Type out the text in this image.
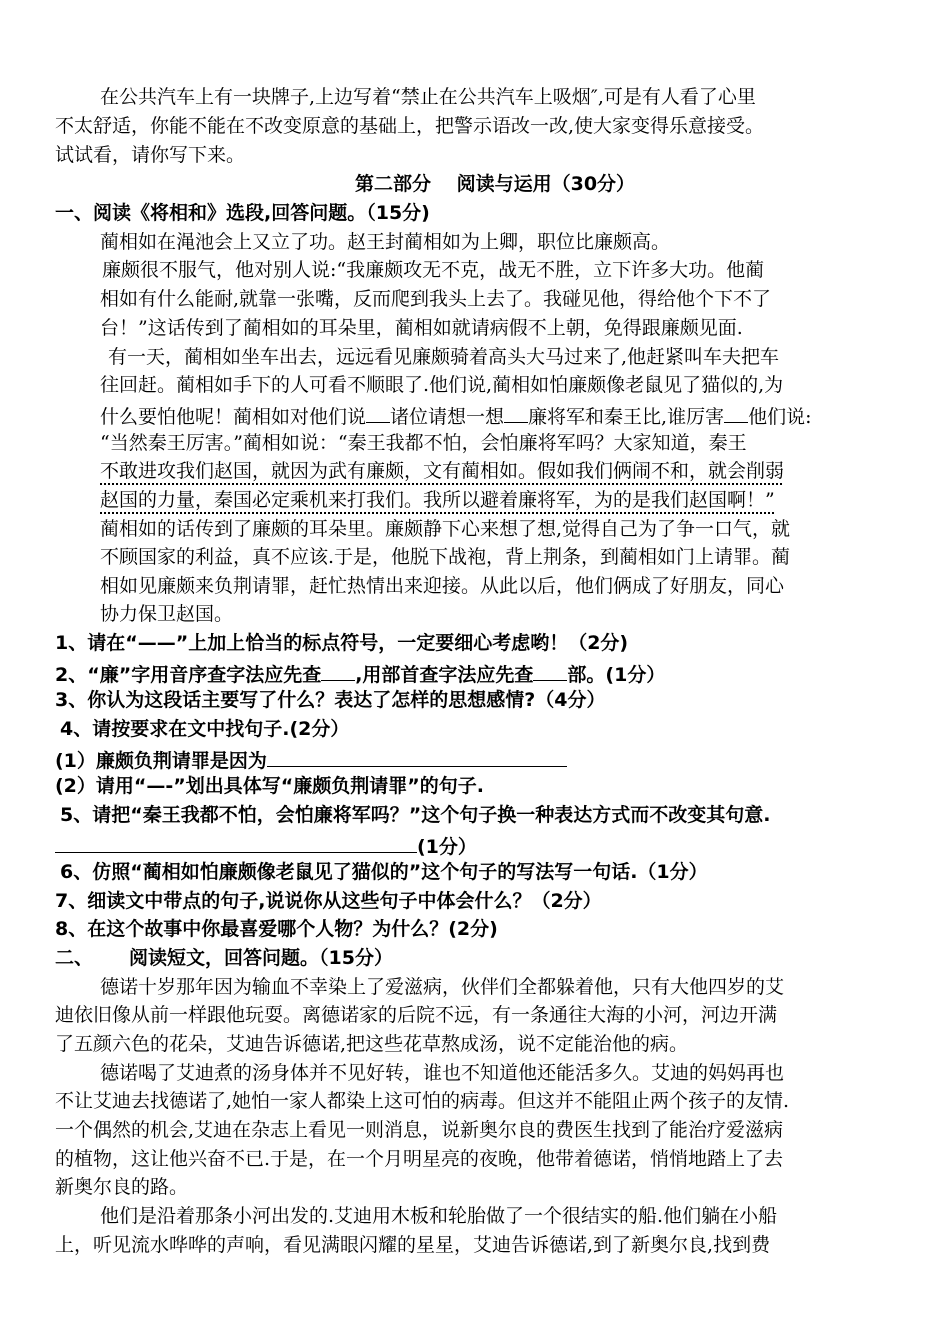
在公共汽车上有一块牌子,上边写着“禁止在公共汽车上吸烟″,可是有人看了心里
不太舒适，你能不能在不改变原意的基础上，把警示语改一改,使大家变得乐意接受。
试试看，请你写下来。
第二部分　 阅读与运用（30分）
一、阅读《将相和》选段,回答问题。（15分)
蔺相如在渑池会上又立了功。赵王封蔺相如为上卿，职位比廉颇高。
廉颇很不服气，他对别人说:“我廉颇攻无不克，战无不胜，立下许多大功。他蔺
相如有什么能耐,就靠一张嘴，反而爬到我头上去了。我碰见他，得给他个下不了
台！”这话传到了蔺相如的耳朵里，蔺相如就请病假不上朝，免得跟廉颇见面.
有一天，蔺相如坐车出去，远远看见廉颇骑着高头大马过来了,他赶紧叫车夫把车
往回赶。蔺相如手下的人可看不顺眼了.他们说,蔺相如怕廉颇像老鼠见了猫似的,为
什么要怕他呢！蔺相如对他们说 诸位请想一想 廉将军和秦王比,谁厉害 他们说:
“当然秦王厉害。”蔺相如说：“秦王我都不怕，会怕廉将军吗？大家知道，秦王
不敢进攻我们赵国，就因为武有廉颇，文有蔺相如。假如我们俩闹不和，就会削弱
赵国的力量，秦国必定乘机来打我们。我所以避着廉将军，为的是我们赵国啊！”
蔺相如的话传到了廉颇的耳朵里。廉颇静下心来想了想,觉得自己为了争一口气，就
不顾国家的利益，真不应该.于是，他脱下战袍，背上荆条，到蔺相如门上请罪。蔺
相如见廉颇来负荆请罪，赶忙热情出来迎接。从此以后，他们俩成了好朋友，同心
协力保卫赵国。
1、请在“——”上加上恰当的标点符号，一定要细心考虑哟！（2分)
2、“廉”字用音序查字法应先查 ,用部首查字法应先查 部。(1分）
3、你认为这段话主要写了什么？表达了怎样的思想感情?（4分）
4、请按要求在文中找句子.(2分）
(1）廉颇负荆请罪是因为
(2）请用“—-”划出具体写“廉颇负荆请罪”的句子.
5、请把“秦王我都不怕，会怕廉将军吗？”这个句子换一种表达方式而不改变其句意.
(1分）
6、仿照“蔺相如怕廉颇像老鼠见了猫似的”这个句子的写法写一句话.（1分）
7、细读文中带点的句子,说说你从这些句子中体会什么？（2分）
8、在这个故事中你最喜爱哪个人物？为什么？(2分)
二、 阅读短文，回答问题。（15分）
德诺十岁那年因为输血不幸染上了爱滋病，伙伴们全都躲着他，只有大他四岁的艾
迪依旧像从前一样跟他玩耍。离德诺家的后院不远，有一条通往大海的小河，河边开满
了五颜六色的花朵，艾迪告诉德诺,把这些花草熬成汤，说不定能治他的病。
德诺喝了艾迪煮的汤身体并不见好转，谁也不知道他还能活多久。艾迪的妈妈再也
不让艾迪去找德诺了,她怕一家人都染上这可怕的病毒。但这并不能阻止两个孩子的友情.
一个偶然的机会,艾迪在杂志上看见一则消息，说新奥尔良的费医生找到了能治疗爱滋病
的植物，这让他兴奋不已.于是，在一个月明星亮的夜晚，他带着德诺，悄悄地踏上了去
新奥尔良的路。
他们是沿着那条小河出发的.艾迪用木板和轮胎做了一个很结实的船.他们躺在小船
上，听见流水哗哗的声响，看见满眼闪耀的星星，艾迪告诉德诺,到了新奥尔良,找到费
